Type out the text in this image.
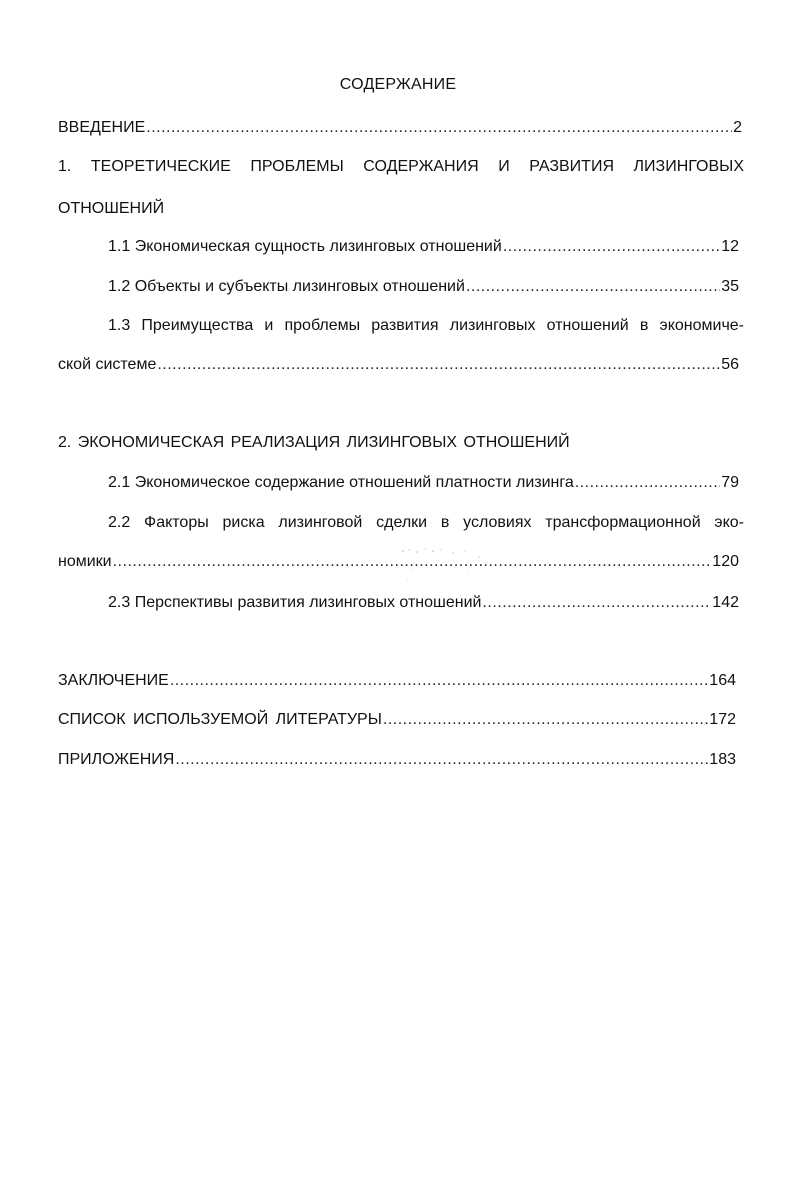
СОДЕРЖАНИЕ
ВВЕДЕНИЕ .....	2
1. ТЕОРЕТИЧЕСКИЕ ПРОБЛЕМЫ СОДЕРЖАНИЯ И РАЗВИТИЯ ЛИЗИНГОВЫХ
ОТНОШЕНИЙ
1.1 Экономическая сущность лизинговых отношений .....	12
1.2 Объекты и субъекты лизинговых отношений .....	35
1.3 Преимущества и проблемы развития лизинговых отношений в экономиче-
ской системе .....	56
2. ЭКОНОМИЧЕСКАЯ РЕАЛИЗАЦИЯ ЛИЗИНГОВЫХ ОТНОШЕНИЙ
2.1 Экономическое содержание отношений платности лизинга .....	79
2.2 Факторы риска лизинговой сделки в условиях трансформационной эко-
номики .....	120
2.3 Перспективы развития лизинговых отношений .....	142
ЗАКЛЮЧЕНИЕ .....	164
СПИСОК ИСПОЛЬЗУЕМОЙ ЛИТЕРАТУРЫ .....	172
ПРИЛОЖЕНИЯ .....	183
